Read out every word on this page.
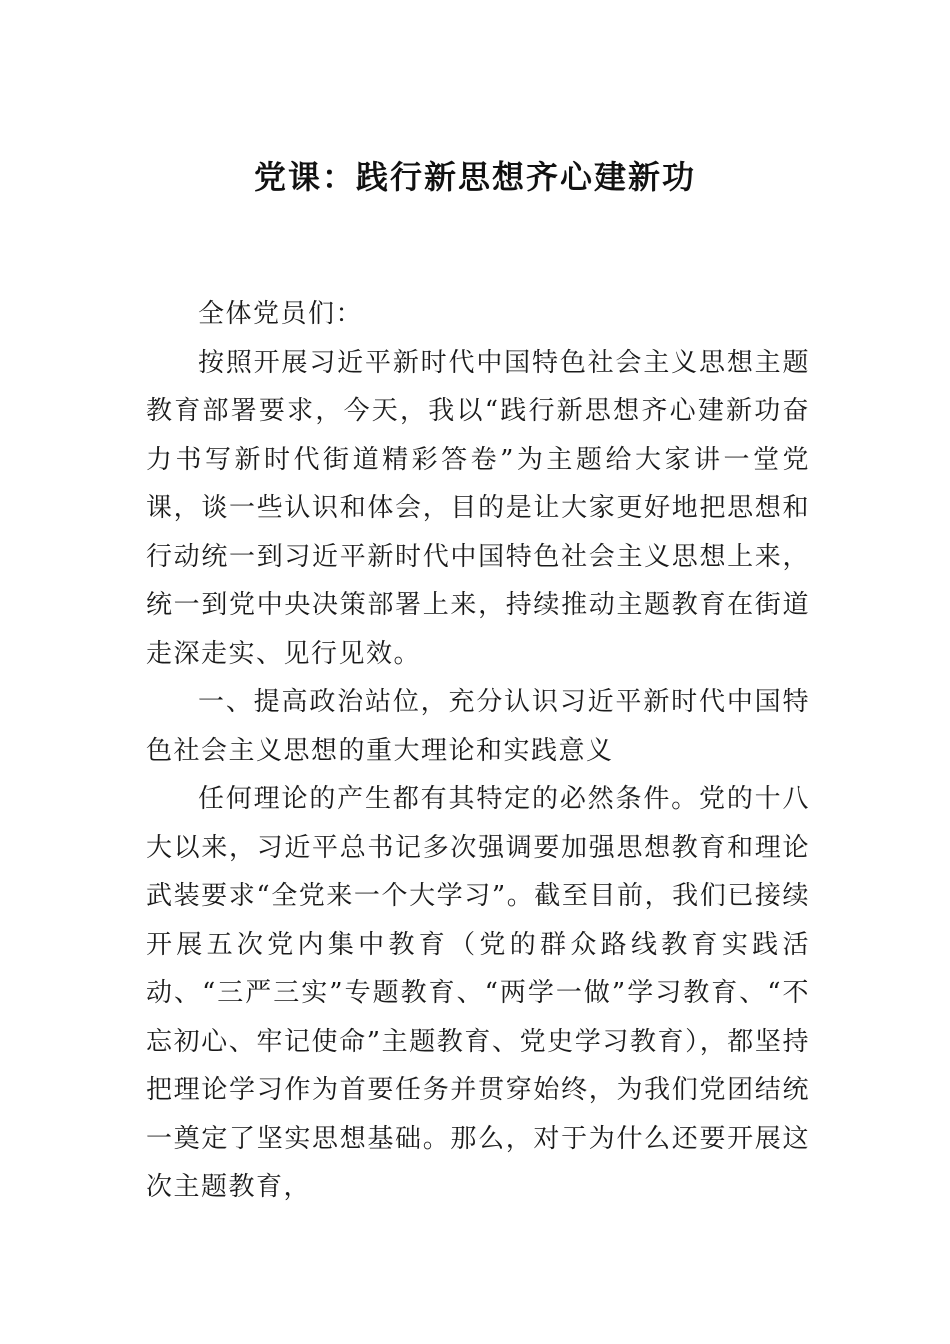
党课：践行新思想齐心建新功

全体党员们：

按照开展习近平新时代中国特色社会主义思想主题教育部署要求，今天，我以“践行新思想齐心建新功奋力书写新时代街道精彩答卷”为主题给大家讲一堂党课，谈一些认识和体会，目的是让大家更好地把思想和行动统一到习近平新时代中国特色社会主义思想上来，统一到党中央决策部署上来，持续推动主题教育在街道走深走实、见行见效。

一、提高政治站位，充分认识习近平新时代中国特色社会主义思想的重大理论和实践意义

任何理论的产生都有其特定的必然条件。党的十八大以来，习近平总书记多次强调要加强思想教育和理论武装要求“全党来一个大学习”。截至目前，我们已接续开展五次党内集中教育（党的群众路线教育实践活动、“三严三实”专题教育、“两学一做”学习教育、“不忘初心、牢记使命”主题教育、党史学习教育），都坚持把理论学习作为首要任务并贯穿始终，为我们党团结统一奠定了坚实思想基础。那么，对于为什么还要开展这次主题教育，
